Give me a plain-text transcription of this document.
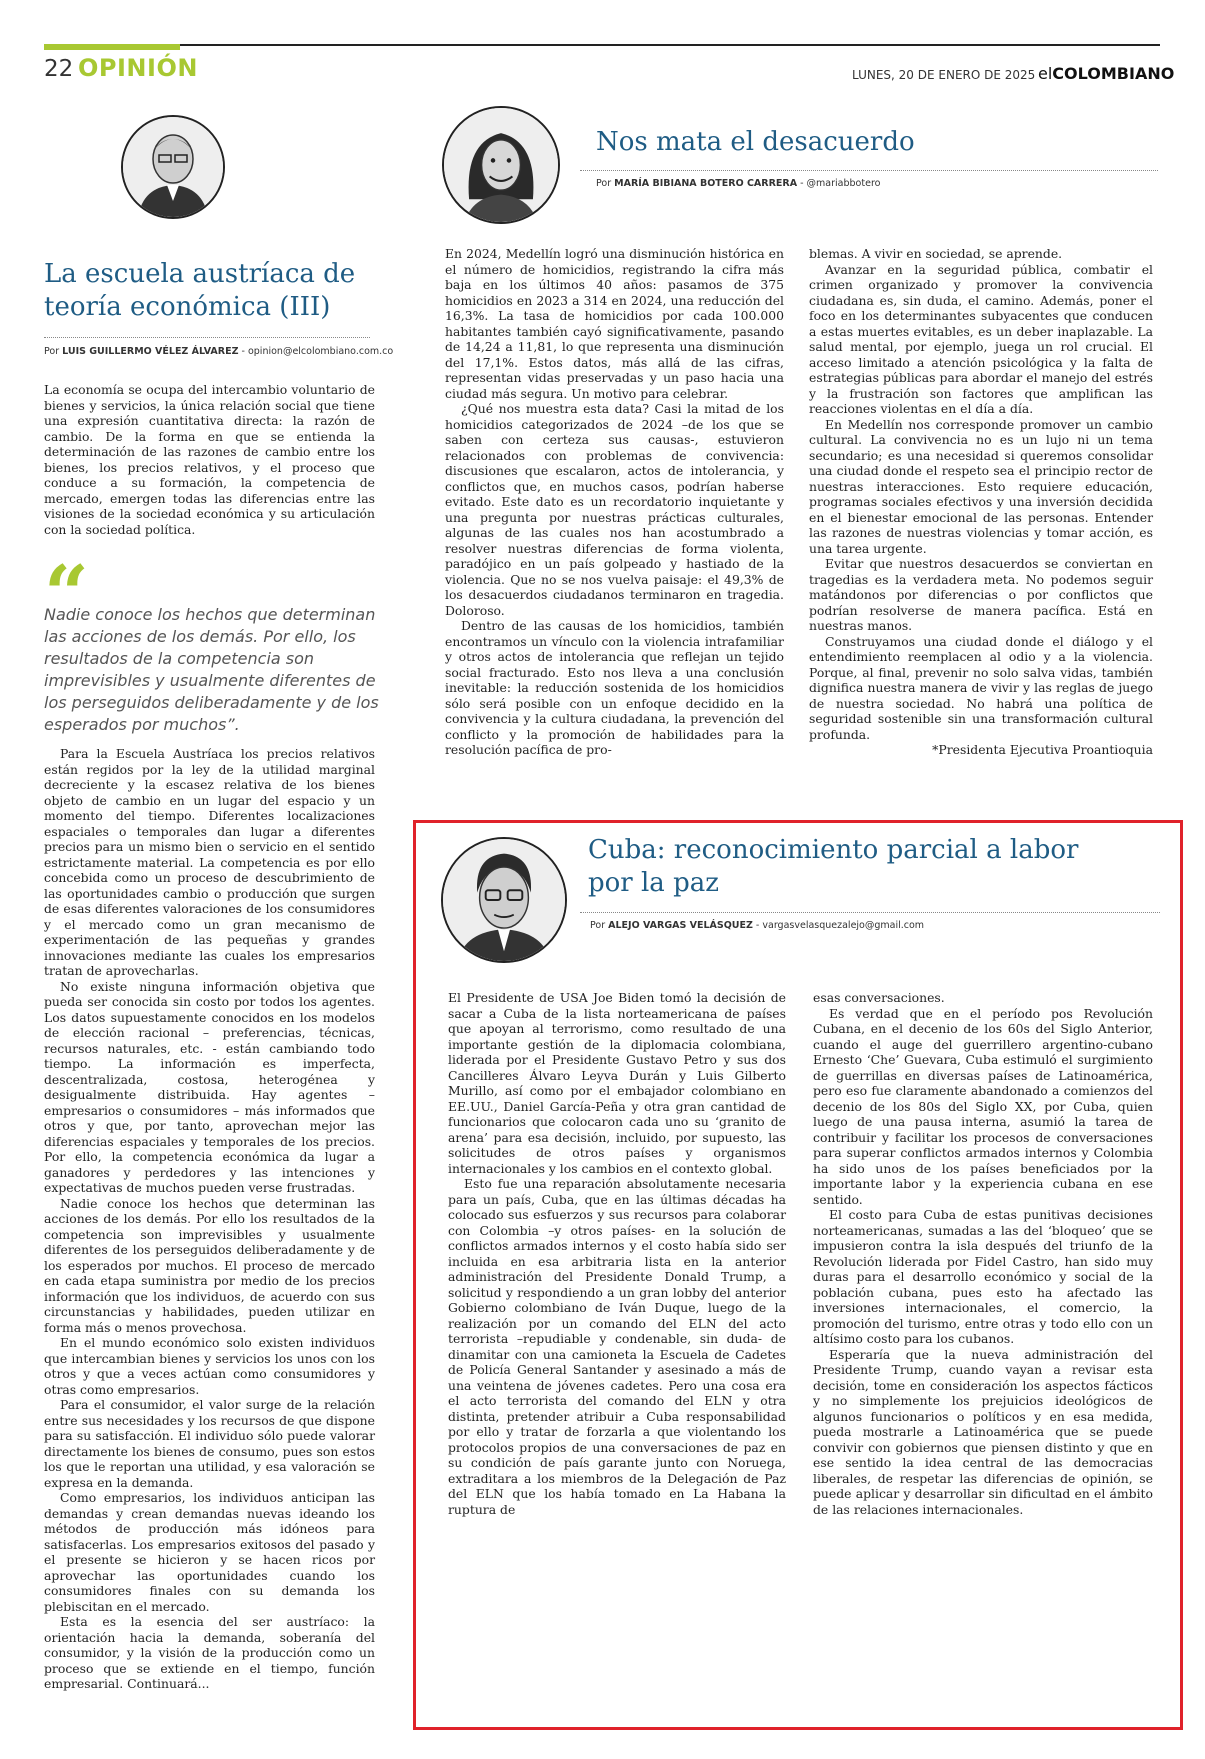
22 OPINIÓN	LUNES, 20 DE ENERO DE 2025 elCOLOMBIANO
La escuela austríaca de teoría económica (III)
Por LUIS GUILLERMO VÉLEZ ÁLVAREZ - opinion@elcolombiano.com.co

La economía se ocupa del intercambio voluntario de bienes y servicios, la única relación social que tiene una expresión cuantitativa directa: la razón de cambio. De la forma en que se entienda la determinación de las razones de cambio entre los bienes, los precios relativos, y el proceso que conduce a su formación, la competencia de mercado, emergen todas las diferencias entre las visiones de la sociedad económica y su articulación con la sociedad política.

“
Nadie conoce los hechos que determinan las acciones de los demás. Por ello, los resultados de la competencia son imprevisibles y usualmente diferentes de los perseguidos deliberadamente y de los esperados por muchos”.

Para la Escuela Austríaca los precios relativos están regidos por la ley de la utilidad marginal decreciente y la escasez relativa de los bienes objeto de cambio en un lugar del espacio y un momento del tiempo. Diferentes localizaciones espaciales o temporales dan lugar a diferentes precios para un mismo bien o servicio en el sentido estrictamente material. La competencia es por ello concebida como un proceso de descubrimiento de las oportunidades cambio o producción que surgen de esas diferentes valoraciones de los consumidores y el mercado como un gran mecanismo de experimentación de las pequeñas y grandes innovaciones mediante las cuales los empresarios tratan de aprovecharlas.

No existe ninguna información objetiva que pueda ser conocida sin costo por todos los agentes. Los datos supuestamente conocidos en los modelos de elección racional – preferencias, técnicas, recursos naturales, etc. - están cambiando todo tiempo. La información es imperfecta, descentralizada, costosa, heterogénea y desigualmente distribuida. Hay agentes – empresarios o consumidores – más informados que otros y que, por tanto, aprovechan mejor las diferencias espaciales y temporales de los precios. Por ello, la competencia económica da lugar a ganadores y perdedores y las intenciones y expectativas de muchos pueden verse frustradas.

Nadie conoce los hechos que determinan las acciones de los demás. Por ello los resultados de la competencia son imprevisibles y usualmente diferentes de los perseguidos deliberadamente y de los esperados por muchos. El proceso de mercado en cada etapa suministra por medio de los precios información que los individuos, de acuerdo con sus circunstancias y habilidades, pueden utilizar en forma más o menos provechosa.

En el mundo económico solo existen individuos que intercambian bienes y servicios los unos con los otros y que a veces actúan como consumidores y otras como empresarios.

Para el consumidor, el valor surge de la relación entre sus necesidades y los recursos de que dispone para su satisfacción. El individuo sólo puede valorar directamente los bienes de consumo, pues son estos los que le reportan una utilidad, y esa valoración se expresa en la demanda.

Como empresarios, los individuos anticipan las demandas y crean demandas nuevas ideando los métodos de producción más idóneos para satisfacerlas. Los empresarios exitosos del pasado y el presente se hicieron y se hacen ricos por aprovechar las oportunidades cuando los consumidores finales con su demanda los plebiscitan en el mercado.

Esta es la esencia del ser austríaco: la orientación hacia la demanda, soberanía del consumidor, y la visión de la producción como un proceso que se extiende en el tiempo, función empresarial. Continuará...

Nos mata el desacuerdo
Por MARÍA BIBIANA BOTERO CARRERA - @mariabbotero

En 2024, Medellín logró una disminución histórica en el número de homicidios, registrando la cifra más baja en los últimos 40 años: pasamos de 375 homicidios en 2023 a 314 en 2024, una reducción del 16,3%. La tasa de homicidios por cada 100.000 habitantes también cayó significativamente, pasando de 14,24 a 11,81, lo que representa una disminución del 17,1%. Estos datos, más allá de las cifras, representan vidas preservadas y un paso hacia una ciudad más segura. Un motivo para celebrar.

¿Qué nos muestra esta data? Casi la mitad de los homicidios categorizados de 2024 –de los que se saben con certeza sus causas-, estuvieron relacionados con problemas de convivencia: discusiones que escalaron, actos de intolerancia, y conflictos que, en muchos casos, podrían haberse evitado. Este dato es un recordatorio inquietante y una pregunta por nuestras prácticas culturales, algunas de las cuales nos han acostumbrado a resolver nuestras diferencias de forma violenta, paradójico en un país golpeado y hastiado de la violencia. Que no se nos vuelva paisaje: el 49,3% de los desacuerdos ciudadanos terminaron en tragedia. Doloroso.

Dentro de las causas de los homicidios, también encontramos un vínculo con la violencia intrafamiliar y otros actos de intolerancia que reflejan un tejido social fracturado. Esto nos lleva a una conclusión inevitable: la reducción sostenida de los homicidios sólo será posible con un enfoque decidido en la convivencia y la cultura ciudadana, la prevención del conflicto y la promoción de habilidades para la resolución pacífica de pro-

blemas. A vivir en sociedad, se aprende.

Avanzar en la seguridad pública, combatir el crimen organizado y promover la convivencia ciudadana es, sin duda, el camino. Además, poner el foco en los determinantes subyacentes que conducen a estas muertes evitables, es un deber inaplazable. La salud mental, por ejemplo, juega un rol crucial. El acceso limitado a atención psicológica y la falta de estrategias públicas para abordar el manejo del estrés y la frustración son factores que amplifican las reacciones violentas en el día a día.

En Medellín nos corresponde promover un cambio cultural. La convivencia no es un lujo ni un tema secundario; es una necesidad si queremos consolidar una ciudad donde el respeto sea el principio rector de nuestras interacciones. Esto requiere educación, programas sociales efectivos y una inversión decidida en el bienestar emocional de las personas. Entender las razones de nuestras violencias y tomar acción, es una tarea urgente.

Evitar que nuestros desacuerdos se conviertan en tragedias es la verdadera meta. No podemos seguir matándonos por diferencias o por conflictos que podrían resolverse de manera pacífica. Está en nuestras manos.

Construyamos una ciudad donde el diálogo y el entendimiento reemplacen al odio y a la violencia. Porque, al final, prevenir no solo salva vidas, también dignifica nuestra manera de vivir y las reglas de juego de nuestra sociedad. No habrá una política de seguridad sostenible sin una transformación cultural profunda.

*Presidenta Ejecutiva Proantioquia
Cuba: reconocimiento parcial a labor por la paz
Por ALEJO VARGAS VELÁSQUEZ - vargasvelasquezalejo@gmail.com

El Presidente de USA Joe Biden tomó la decisión de sacar a Cuba de la lista norteamericana de países que apoyan al terrorismo, como resultado de una importante gestión de la diplomacia colombiana, liderada por el Presidente Gustavo Petro y sus dos Cancilleres Álvaro Leyva Durán y Luis Gilberto Murillo, así como por el embajador colombiano en EE.UU., Daniel García-Peña y otra gran cantidad de funcionarios que colocaron cada uno su ‘granito de arena’ para esa decisión, incluido, por supuesto, las solicitudes de otros países y organismos internacionales y los cambios en el contexto global.

Esto fue una reparación absolutamente necesaria para un país, Cuba, que en las últimas décadas ha colocado sus esfuerzos y sus recursos para colaborar con Colombia –y otros países- en la solución de conflictos armados internos y el costo había sido ser incluida en esa arbitraria lista en la anterior administración del Presidente Donald Trump, a solicitud y respondiendo a un gran lobby del anterior Gobierno colombiano de Iván Duque, luego de la realización por un comando del ELN del acto terrorista –repudiable y condenable, sin duda- de dinamitar con una camioneta la Escuela de Cadetes de Policía General Santander y asesinado a más de una veintena de jóvenes cadetes. Pero una cosa era el acto terrorista del comando del ELN y otra distinta, pretender atribuir a Cuba responsabilidad por ello y tratar de forzarla a que violentando los protocolos propios de una conversaciones de paz en su condición de país garante junto con Noruega, extraditara a los miembros de la Delegación de Paz del ELN que los había tomado en La Habana la ruptura de

esas conversaciones.

Es verdad que en el período pos Revolución Cubana, en el decenio de los 60s del Siglo Anterior, cuando el auge del guerrillero argentino-cubano Ernesto ‘Che’ Guevara, Cuba estimuló el surgimiento de guerrillas en diversas países de Latinoamérica, pero eso fue claramente abandonado a comienzos del decenio de los 80s del Siglo XX, por Cuba, quien luego de una pausa interna, asumió la tarea de contribuir y facilitar los procesos de conversaciones para superar conflictos armados internos y Colombia ha sido unos de los países beneficiados por la importante labor y la experiencia cubana en ese sentido.

El costo para Cuba de estas punitivas decisiones norteamericanas, sumadas a las del ‘bloqueo’ que se impusieron contra la isla después del triunfo de la Revolución liderada por Fidel Castro, han sido muy duras para el desarrollo económico y social de la población cubana, pues esto ha afectado las inversiones internacionales, el comercio, la promoción del turismo, entre otras y todo ello con un altísimo costo para los cubanos.

Esperaría que la nueva administración del Presidente Trump, cuando vayan a revisar esta decisión, tome en consideración los aspectos fácticos y no simplemente los prejuicios ideológicos de algunos funcionarios o políticos y en esa medida, pueda mostrarle a Latinoamérica que se puede convivir con gobiernos que piensen distinto y que en ese sentido la idea central de las democracias liberales, de respetar las diferencias de opinión, se puede aplicar y desarrollar sin dificultad en el ámbito de las relaciones internacionales.
